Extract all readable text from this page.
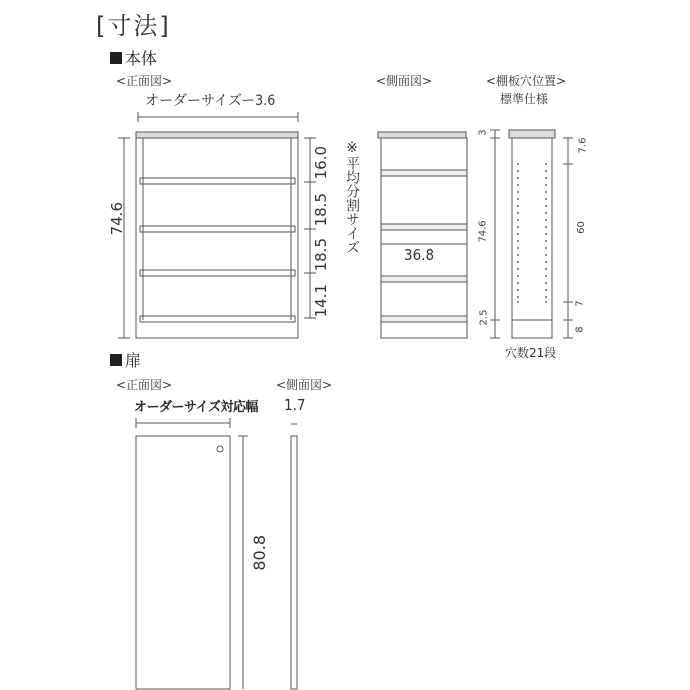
[寸法]
本体
<正面図>
オーダーサイズー3.6
<側面図>	<棚板穴位置>
標準仕様
74.6
16.0
18.5
18.5
14.1
※平均分割サイズ
36.8
3
74.6
2.5
7.6
60
7
8
穴数21段
扉
<正面図>	<側面図>
オーダーサイズ対応幅 1.7
80.8
